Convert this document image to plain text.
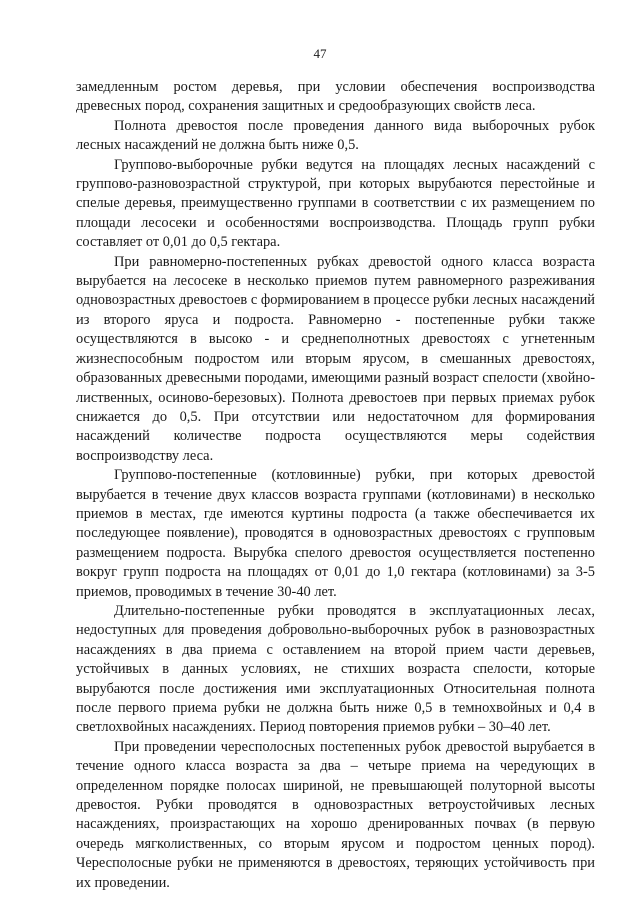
47

замедленным ростом деревья, при условии обеспечения воспроизводства древесных пород, сохранения защитных и средообразующих свойств леса.

Полнота древостоя после проведения данного вида выборочных рубок лесных насаждений не должна быть ниже 0,5.

Группово-выборочные рубки ведутся на площадях лесных насаждений с группово-разновозрастной структурой, при которых вырубаются перестойные и спелые деревья, преимущественно группами в соответствии с их размещением по площади лесосеки и особенностями воспроизводства. Площадь групп рубки составляет от 0,01 до 0,5 гектара.

При равномерно-постепенных рубках древостой одного класса возраста вырубается на лесосеке в несколько приемов путем равномерного разреживания одновозрастных древостоев с формированием в процессе рубки лесных насаждений из второго яруса и подроста. Равномерно - постепенные рубки также осуществляются в высоко - и среднеполнотных древостоях с угнетенным жизнеспособным подростом или вторым ярусом, в смешанных древостоях, образованных древесными породами, имеющими разный возраст спелости (хвойно-лиственных, осиново-березовых). Полнота древостоев при первых приемах рубок снижается до 0,5. При отсутствии или недостаточном для формирования насаждений количестве подроста осуществляются меры содействия воспроизводству леса.

Группово-постепенные (котловинные) рубки, при которых древостой вырубается в течение двух классов возраста группами (котловинами) в несколько приемов в местах, где имеются куртины подроста (а также обеспечивается их последующее появление), проводятся в одновозрастных древостоях с групповым размещением подроста. Вырубка спелого древостоя осуществляется постепенно вокруг групп подроста на площадях от 0,01 до 1,0 гектара (котловинами) за 3-5 приемов, проводимых в течение 30-40 лет.

Длительно-постепенные рубки проводятся в эксплуатационных лесах, недоступных для проведения добровольно-выборочных рубок в разновозрастных насаждениях в два приема с оставлением на второй прием части деревьев, устойчивых в данных условиях, не стихших возраста спелости, которые вырубаются после достижения ими эксплуатационных Относительная полнота после первого приема рубки не должна быть ниже 0,5 в темнохвойных и 0,4 в светлохвойных насаждениях. Период повторения приемов рубки – 30–40 лет.

При проведении чересполосных постепенных рубок древостой вырубается в течение одного класса возраста за два – четыре приема на чередующих в определенном порядке полосах шириной, не превышающей полуторной высоты древостоя. Рубки проводятся в одновозрастных ветроустойчивых лесных насаждениях, произрастающих на хорошо дренированных почвах (в первую очередь мягколиственных, со вторым ярусом и подростом ценных пород). Чересполосные рубки не применяются в древостоях, теряющих устойчивость при их проведении.
